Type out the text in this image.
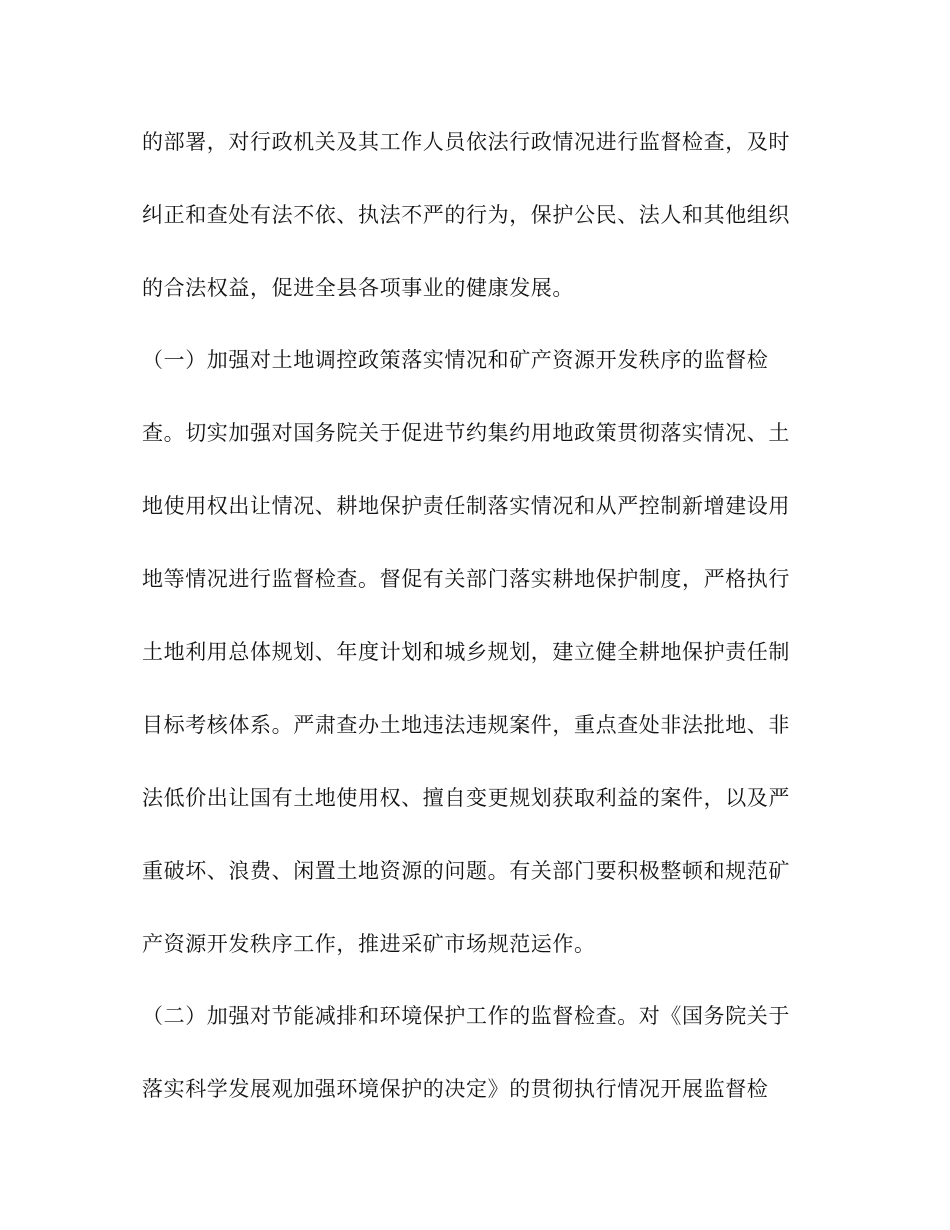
的部署，对行政机关及其工作人员依法行政情况进行监督检查，及时
纠正和查处有法不依、执法不严的行为，保护公民、法人和其他组织
的合法权益，促进全县各项事业的健康发展。
（一）加强对土地调控政策落实情况和矿产资源开发秩序的监督检
查。切实加强对国务院关于促进节约集约用地政策贯彻落实情况、土
地使用权出让情况、耕地保护责任制落实情况和从严控制新增建设用
地等情况进行监督检查。督促有关部门落实耕地保护制度，严格执行
土地利用总体规划、年度计划和城乡规划，建立健全耕地保护责任制
目标考核体系。严肃查办土地违法违规案件，重点查处非法批地、非
法低价出让国有土地使用权、擅自变更规划获取利益的案件，以及严
重破坏、浪费、闲置土地资源的问题。有关部门要积极整顿和规范矿
产资源开发秩序工作，推进采矿市场规范运作。
（二）加强对节能减排和环境保护工作的监督检查。对《国务院关于
落实科学发展观加强环境保护的决定》的贯彻执行情况开展监督检
